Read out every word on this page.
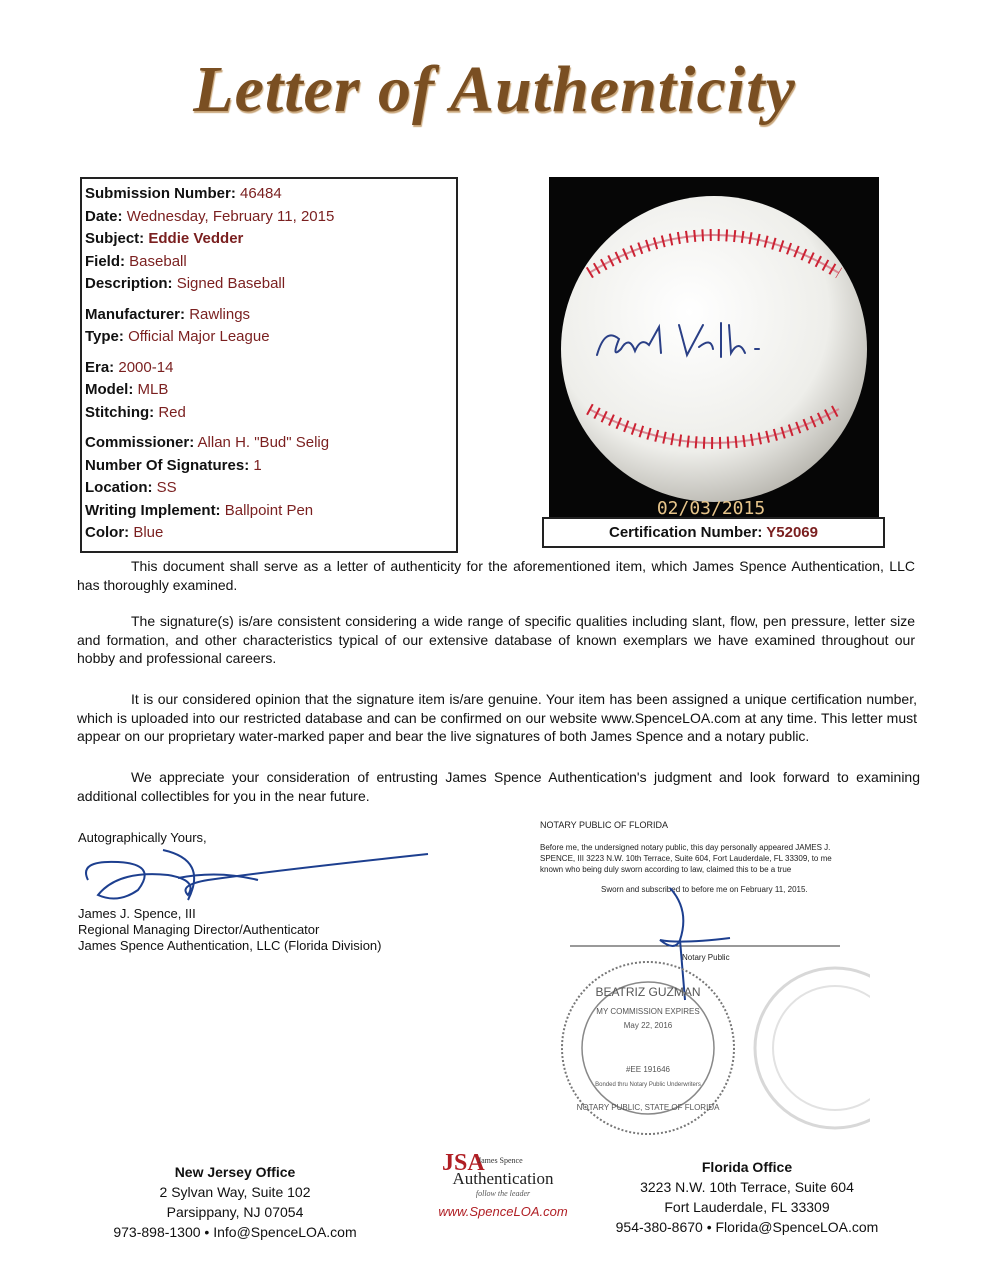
Letter of Authenticity
Submission Number: 46484
Date: Wednesday, February 11, 2015
Subject: Eddie Vedder
Field: Baseball
Description: Signed Baseball
Manufacturer: Rawlings
Type: Official Major League
Era: 2000-14
Model: MLB
Stitching: Red
Commissioner: Allan H. "Bud" Selig
Number Of Signatures: 1
Location: SS
Writing Implement: Ballpoint Pen
Color: Blue
02/03/2015
Certification Number: Y52069
This document shall serve as a letter of authenticity for the aforementioned item, which James Spence Authentication, LLC has thoroughly examined.
The signature(s) is/are consistent considering a wide range of specific qualities including slant, flow, pen pressure, letter size and formation, and other characteristics typical of our extensive database of known exemplars we have examined throughout our hobby and professional careers.
It is our considered opinion that the signature item is/are genuine. Your item has been assigned a unique certification number, which is uploaded into our restricted database and can be confirmed on our website www.SpenceLOA.com at any time. This letter must appear on our proprietary water-marked paper and bear the live signatures of both James Spence and a notary public.
We appreciate your consideration of entrusting James Spence Authentication's judgment and look forward to examining additional collectibles for you in the near future.
Autographically Yours,
James J. Spence, III
Regional Managing Director/Authenticator
James Spence Authentication, LLC (Florida Division)
NOTARY PUBLIC OF FLORIDA
Before me, the undersigned notary public, this day personally appeared JAMES J. SPENCE, III 3223 N.W. 10th Terrace, Suite 604, Fort Lauderdale, FL 33309, to me known who being duly sworn according to law, claimed this to be a true
Sworn and subscribed to before me on February 11, 2015.
Notary Public
BEATRIZ GUZMAN
MY COMMISSION EXPIRES
May 22, 2016
#EE 191646
Bonded thru Notary Public Underwriters
NOTARY PUBLIC, STATE OF FLORIDA
New Jersey Office
2 Sylvan Way, Suite 102
Parsippany, NJ 07054
973-898-1300 • Info@SpenceLOA.com
JSA
James Spence
Authentication
follow the leader
www.SpenceLOA.com
Florida Office
3223 N.W. 10th Terrace, Suite 604
Fort Lauderdale, FL 33309
954-380-8670 • Florida@SpenceLOA.com
